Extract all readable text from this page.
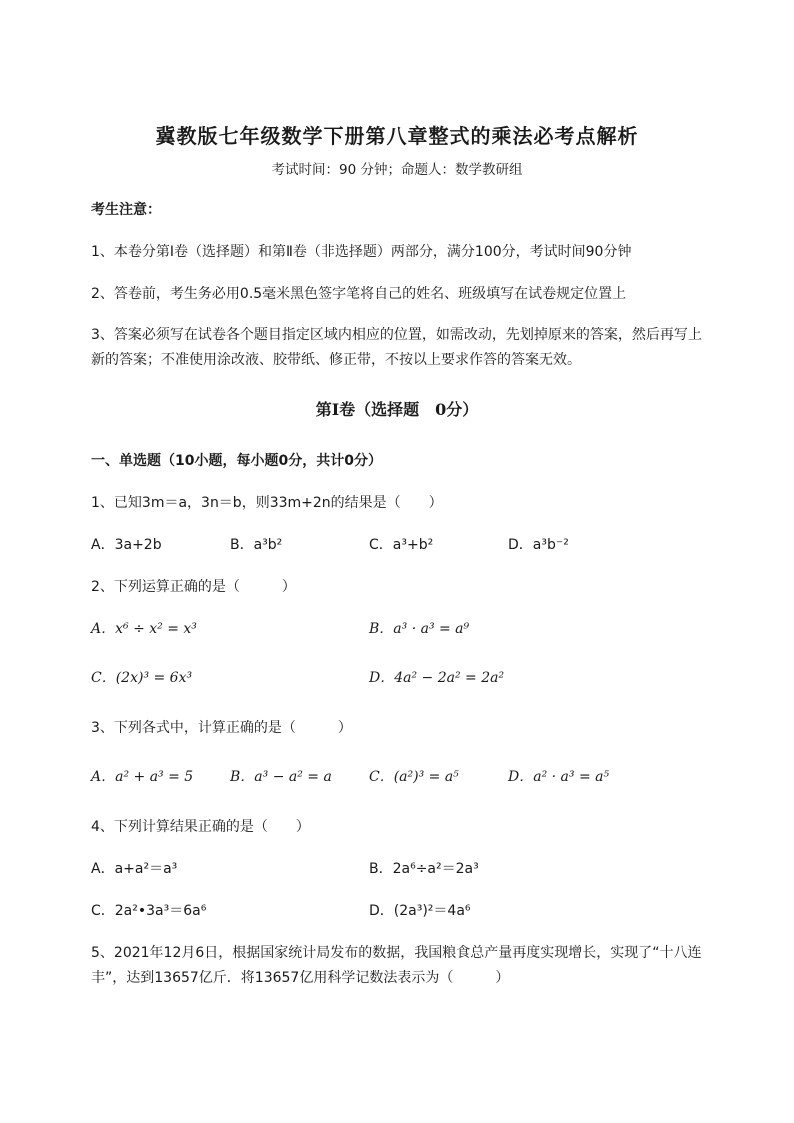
冀教版七年级数学下册第八章整式的乘法必考点解析
考试时间：90 分钟；命题人：数学教研组
考生注意：
1、本卷分第Ⅰ卷（选择题）和第Ⅱ卷（非选择题）两部分，满分100分，考试时间90分钟
2、答卷前，考生务必用0.5毫米黑色签字笔将自己的姓名、班级填写在试卷规定位置上
3、答案必须写在试卷各个题目指定区域内相应的位置，如需改动，先划掉原来的答案，然后再写上新的答案；不准使用涂改液、胶带纸、修正带，不按以上要求作答的答案无效。
第Ⅰ卷（选择题　0分）
一、单选题（10小题，每小题0分，共计0分）
1、已知3m＝a，3n＝b，则33m+2n的结果是（　　）
A．3a+2b	B．a³b²	C．a³+b²	D．a³b⁻²
2、下列运算正确的是（　　　）
A．x⁶ ÷ x² = x³	B．a³ · a³ = a⁹
C．(2x)³ = 6x³	D．4a² − 2a² = 2a²
3、下列各式中，计算正确的是（　　　）
A．a² + a³ = 5	B．a³ − a² = a	C．(a²)³ = a⁵	D．a² · a³ = a⁵
4、下列计算结果正确的是（　　）
A．a+a²＝a³	B．2a⁶÷a²＝2a³
C．2a²•3a³＝6a⁶	D．(2a³)²＝4a⁶
5、2021年12月6日，根据国家统计局发布的数据，我国粮食总产量再度实现增长，实现了“十八连丰”，达到13657亿斤．将13657亿用科学记数法表示为（　　　）
